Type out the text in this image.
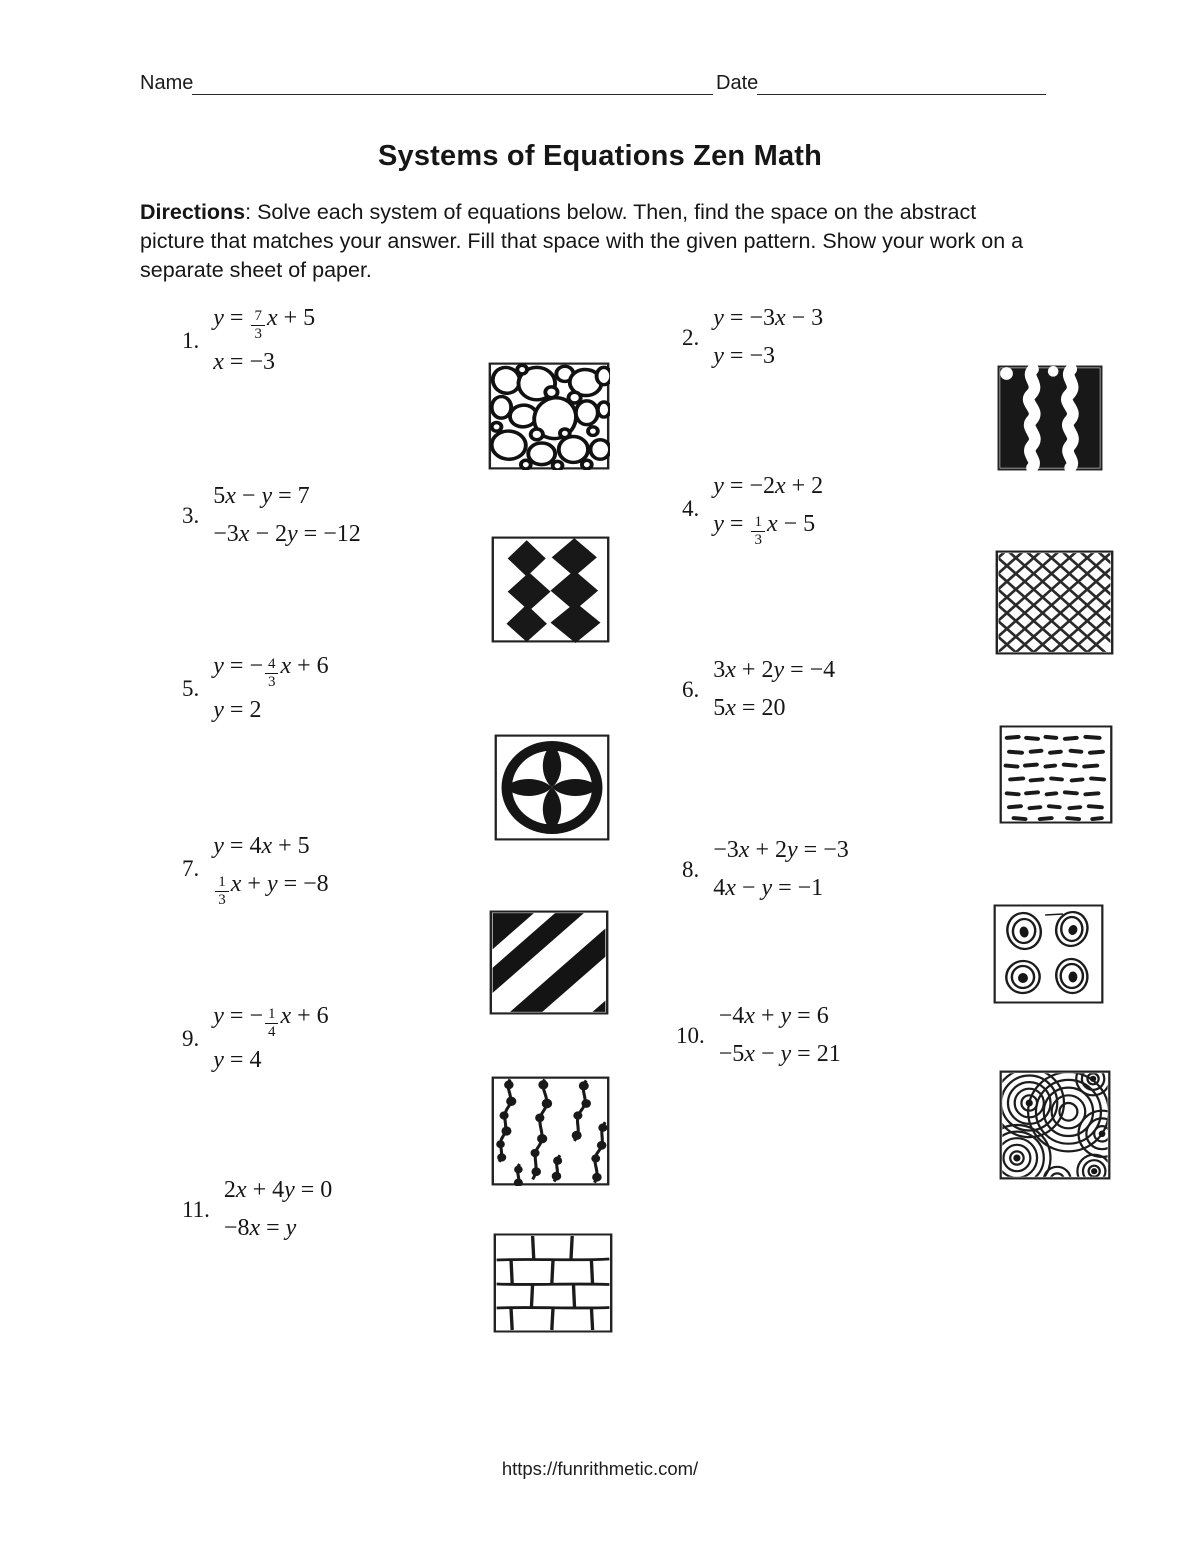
Name	Date
Systems of Equations Zen Math
Directions: Solve each system of equations below. Then, find the space on the abstract picture that matches your answer. Fill that space with the given pattern. Show your work on a separate sheet of paper.
1.
$y = \frac{7}{3}$ x + 5
x = −3
2.
y = −3x − 3
y = −3
3.
5x − y = 7
−3x − 2y = −12
4.
y = −2x + 2
$y = \frac{1}{3}$ x − 5
5.
y = − $\frac{4}{3}$ x + 6
y = 2
6.
3x + 2y = −4
5x = 20
7.
y = 4x + 5
$\frac{1}{3}$ x + y = −8
8.
−3x + 2y = −3
4x − y = −1
9.
y = − $\frac{1}{4}$ x + 6
y = 4
10.
−4x + y = 6
−5x − y = 21
11.
2x + 4y = 0
−8x = y
https://funrithmetic.com/
